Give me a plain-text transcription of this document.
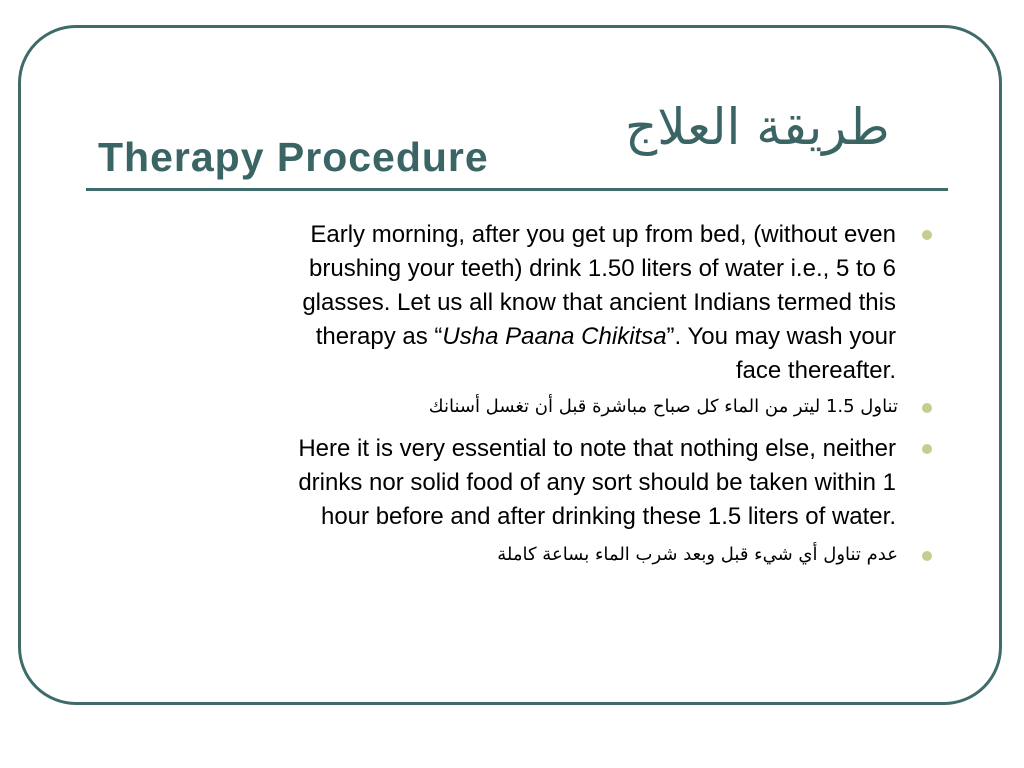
Therapy Procedure
طريقة العلاج
Early morning, after you get up from bed, (without even
brushing your teeth) drink 1.50 liters of water i.e., 5 to 6
glasses. Let us all know that ancient Indians termed this
therapy as “Usha Paana Chikitsa”. You may wash your
face thereafter.
تناول 1.5 ليتر من الماء كل صباح مباشرة قبل أن تغسل أسنانك
Here it is very essential to note that nothing else, neither
drinks nor solid food of any sort should be taken within 1
hour before and after drinking these 1.5 liters of water.
عدم تناول أي شيء قبل وبعد شرب الماء بساعة كاملة
